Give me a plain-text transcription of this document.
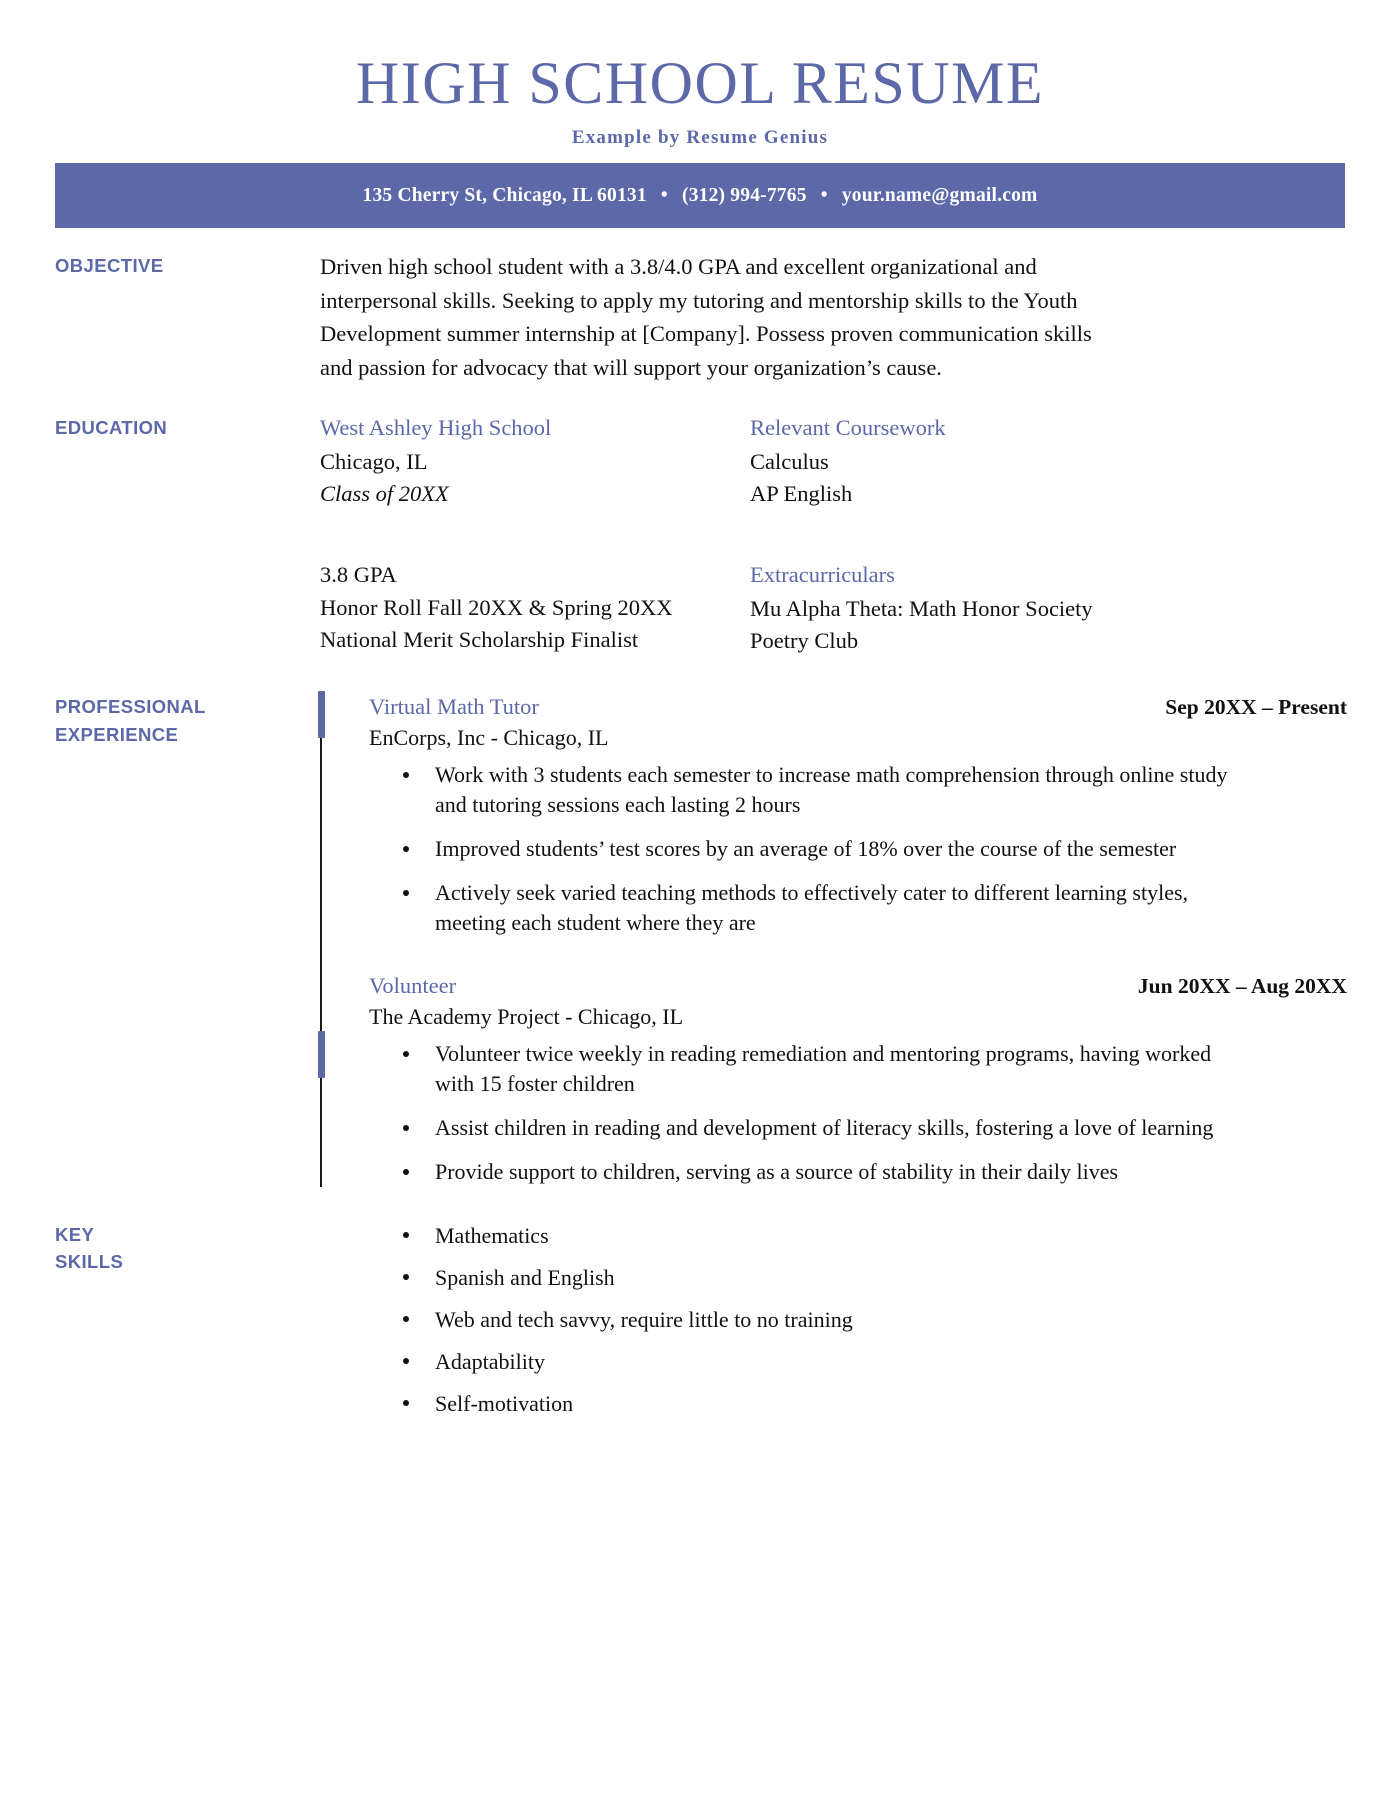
HIGH SCHOOL RESUME
Example by Resume Genius
135 Cherry St, Chicago, IL 60131 • (312) 994-7765 • your.name@gmail.com
OBJECTIVE	Driven high school student with a 3.8/4.0 GPA and excellent organizational and interpersonal skills. Seeking to apply my tutoring and mentorship skills to the Youth Development summer internship at [Company]. Possess proven communication skills and passion for advocacy that will support your organization’s cause.
EDUCATION	West Ashley High School
Chicago, IL
Class of 20XX
Relevant Coursework
Calculus
AP English
3.8 GPA
Honor Roll Fall 20XX & Spring 20XX
National Merit Scholarship Finalist
Extracurriculars
Mu Alpha Theta: Math Honor Society
Poetry Club
PROFESSIONAL
EXPERIENCE
Virtual Math Tutor	Sep 20XX – Present
EnCorps, Inc - Chicago, IL
Work with 3 students each semester to increase math comprehension through online study and tutoring sessions each lasting 2 hours
Improved students’ test scores by an average of 18% over the course of the semester
Actively seek varied teaching methods to effectively cater to different learning styles, meeting each student where they are
Volunteer	Jun 20XX – Aug 20XX
The Academy Project - Chicago, IL
Volunteer twice weekly in reading remediation and mentoring programs, having worked with 15 foster children
Assist children in reading and development of literacy skills, fostering a love of learning
Provide support to children, serving as a source of stability in their daily lives
KEY
SKILLS
Mathematics
Spanish and English
Web and tech savvy, require little to no training
Adaptability
Self-motivation
